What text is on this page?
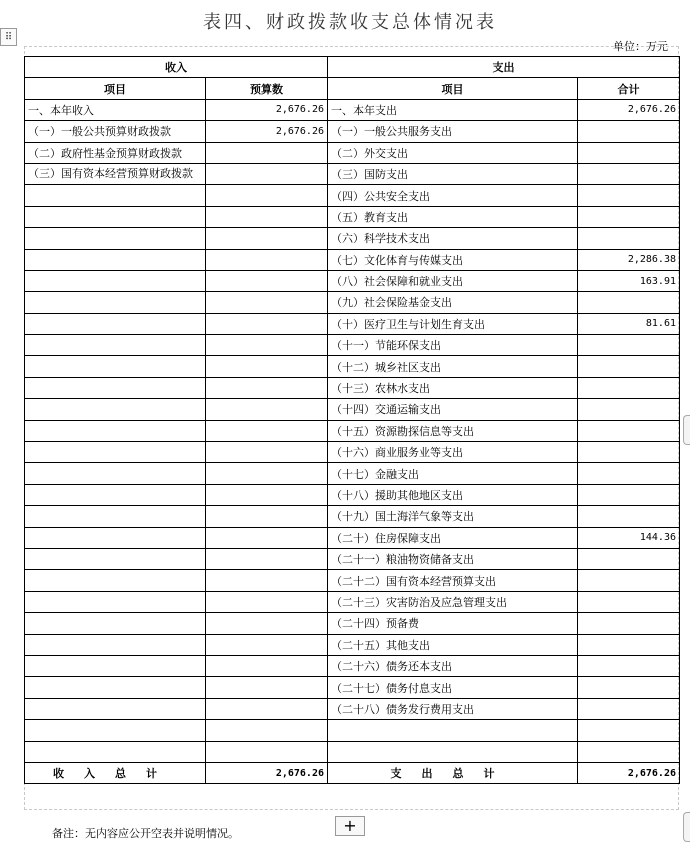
⠿
表四、财政拨款收支总体情况表
单位：万元
收入		支出	
项目	预算数	项目	合计
一、本年收入	2,676.26	一、本年支出	2,676.26
（一）一般公共预算财政拨款	2,676.26	（一）一般公共服务支出	
（二）政府性基金预算财政拨款		（二）外交支出	
（三）国有资本经营预算财政拨款		（三）国防支出	
		（四）公共安全支出	
		（五）教育支出	
		（六）科学技术支出	
		（七）文化体育与传媒支出	2,286.38
		（八）社会保障和就业支出	163.91
		（九）社会保险基金支出	
		（十）医疗卫生与计划生育支出	81.61
		（十一）节能环保支出	
		（十二）城乡社区支出	
		（十三）农林水支出	
		（十四）交通运输支出	
		（十五）资源勘探信息等支出	
		（十六）商业服务业等支出	
		（十七）金融支出	
		（十八）援助其他地区支出	
		（十九）国土海洋气象等支出	
		（二十）住房保障支出	144.36
		（二十一）粮油物资储备支出	
		（二十二）国有资本经营预算支出	
		（二十三）灾害防治及应急管理支出	
		（二十四）预备费	
		（二十五）其他支出	
		（二十六）债务还本支出	
		（二十七）债务付息支出	
		（二十八）债务发行费用支出	

收入总计	2,676.26	支出总计	2,676.26
+
备注：无内容应公开空表并说明情况。
